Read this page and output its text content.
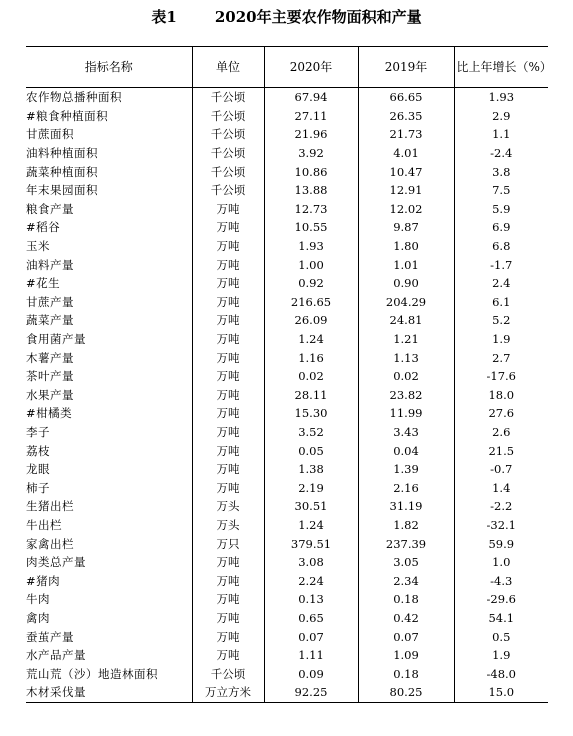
表1	2020年主要农作物面积和产量
指标名称	单位	2020年	2019年	比上年增长（%）
农作物总播种面积	千公顷	67.94	66.65	1.93
#粮食种植面积	千公顷	27.11	26.35	2.9
甘蔗面积	千公顷	21.96	21.73	1.1
油料种植面积	千公顷	3.92	4.01	-2.4
蔬菜种植面积	千公顷	10.86	10.47	3.8
年末果园面积	千公顷	13.88	12.91	7.5
粮食产量	万吨	12.73	12.02	5.9
#稻谷	万吨	10.55	9.87	6.9
玉米	万吨	1.93	1.80	6.8
油料产量	万吨	1.00	1.01	-1.7
#花生	万吨	0.92	0.90	2.4
甘蔗产量	万吨	216.65	204.29	6.1
蔬菜产量	万吨	26.09	24.81	5.2
食用菌产量	万吨	1.24	1.21	1.9
木薯产量	万吨	1.16	1.13	2.7
茶叶产量	万吨	0.02	0.02	-17.6
水果产量	万吨	28.11	23.82	18.0
#柑橘类	万吨	15.30	11.99	27.6
李子	万吨	3.52	3.43	2.6
荔枝	万吨	0.05	0.04	21.5
龙眼	万吨	1.38	1.39	-0.7
柿子	万吨	2.19	2.16	1.4
生猪出栏	万头	30.51	31.19	-2.2
牛出栏	万头	1.24	1.82	-32.1
家禽出栏	万只	379.51	237.39	59.9
肉类总产量	万吨	3.08	3.05	1.0
#猪肉	万吨	2.24	2.34	-4.3
牛肉	万吨	0.13	0.18	-29.6
禽肉	万吨	0.65	0.42	54.1
蚕茧产量	万吨	0.07	0.07	0.5
水产品产量	万吨	1.11	1.09	1.9
荒山荒（沙）地造林面积	千公顷	0.09	0.18	-48.0
木材采伐量	万立方米	92.25	80.25	15.0
